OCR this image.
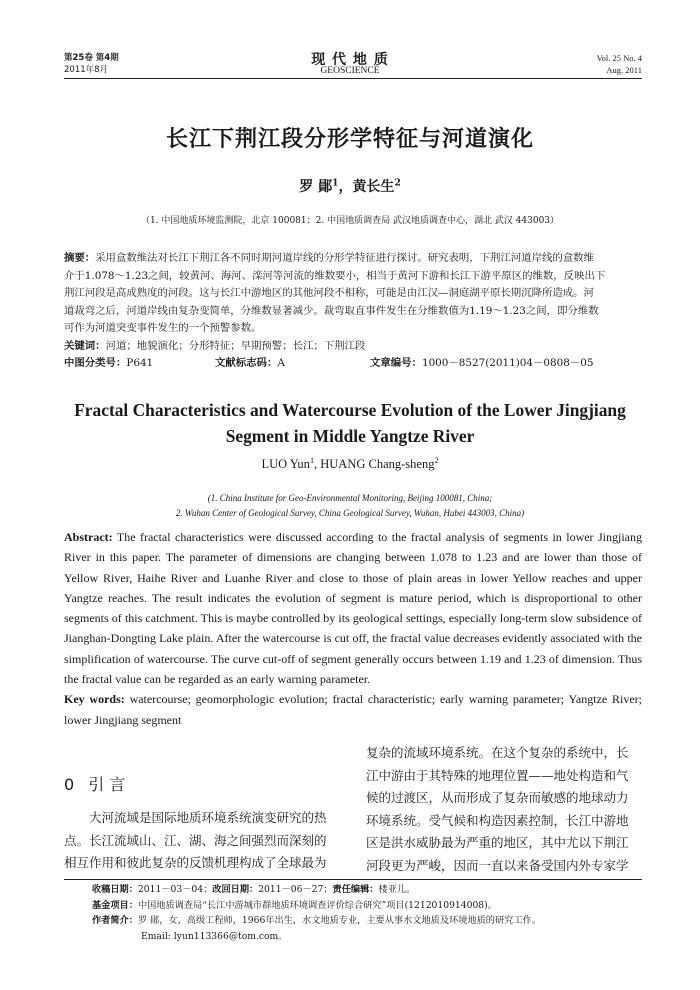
第25卷 第4期
2011年8月
现 代 地 质
GEOSCIENCE
Vol. 25 No. 4
Aug. 2011
长江下荆江段分形学特征与河道演化
罗 鄖$^1$，黄长生$^2$
（1. 中国地质环境监测院，北京 100081；2. 中国地质调查局 武汉地质调查中心，湖北 武汉 443003）
摘要：采用盒数维法对长江下荆江各不同时期河道岸线的分形学特征进行探讨。研究表明，下荆江河道岸线的盒数维
介于1.078～1.23之间，较黄河、海河、滦河等河流的维数要小，相当于黄河下游和长江下游平原区的维数，反映出下
荆江河段是高成熟度的河段。这与长江中游地区的其他河段不相称，可能是由江汉—洞庭湖平原长期沉降所造成。河
道裁弯之后，河道岸线由复杂变简单，分维数显著减少。裁弯取直事件发生在分维数值为1.19～1.23之间，即分维数
可作为河道突变事件发生的一个预警参数。
关键词：河道；地貌演化；分形特征；早期预警；长江；下荆江段
中图分类号：P641	文献标志码：A	文章编号：1000－8527(2011)04－0808－05
Fractal Characteristics and Watercourse Evolution of the Lower Jingjiang
Segment in Middle Yangtze River
LUO Yun$^1$, HUANG Chang-sheng$^2$
(1. China Institute for Geo-Environmental Monitoring, Beijing 100081, China;
2. Wuhan Center of Geological Survey, China Geological Survey, Wuhan, Hubei 443003, China)
Abstract: The fractal characteristics were discussed according to the fractal analysis of segments in lower Jingjiang River in this paper. The parameter of dimensions are changing between 1.078 to 1.23 and are lower than those of Yellow River, Haihe River and Luanhe River and close to those of plain areas in lower Yellow reaches and upper Yangtze reaches. The result indicates the evolution of segment is mature period, which is disproportional to other segments of this catchment. This is maybe controlled by its geological settings, especially long-term slow subsidence of Jianghan-Dongting Lake plain. After the watercourse is cut off, the fractal value decreases evidently associated with the simplification of watercourse. The curve cut-off of segment generally occurs between 1.19 and 1.23 of dimension. Thus the fractal value can be regarded as an early warning parameter.
Key words: watercourse; geomorphologic evolution; fractal characteristic; early warning parameter; Yangtze River; lower Jingjiang segment
0 引 言
大河流域是国际地质环境系统演变研究的热
点。长江流域山、江、湖、海之间强烈而深刻的
相互作用和彼此复杂的反馈机理构成了全球最为
复杂的流域环境系统。在这个复杂的系统中，长
江中游由于其特殊的地理位置——地处构造和气
候的过渡区，从而形成了复杂而敏感的地球动力
环境系统。受气候和构造因素控制，长江中游地
区是洪水威胁最为严重的地区，其中尤以下荆江
河段更为严峻，因而一直以来备受国内外专家学
收稿日期：2011－03－04；改回日期：2011－06－27；责任编辑：楼亚儿。
基金项目：中国地质调查局“长江中游城市群地质环境调查评价综合研究”项目(1212010914008)。
作者简介：罗 鄖，女，高级工程师，1966年出生，水文地质专业，主要从事水文地质及环境地质的研究工作。
Email: lyun113366@tom.com。
